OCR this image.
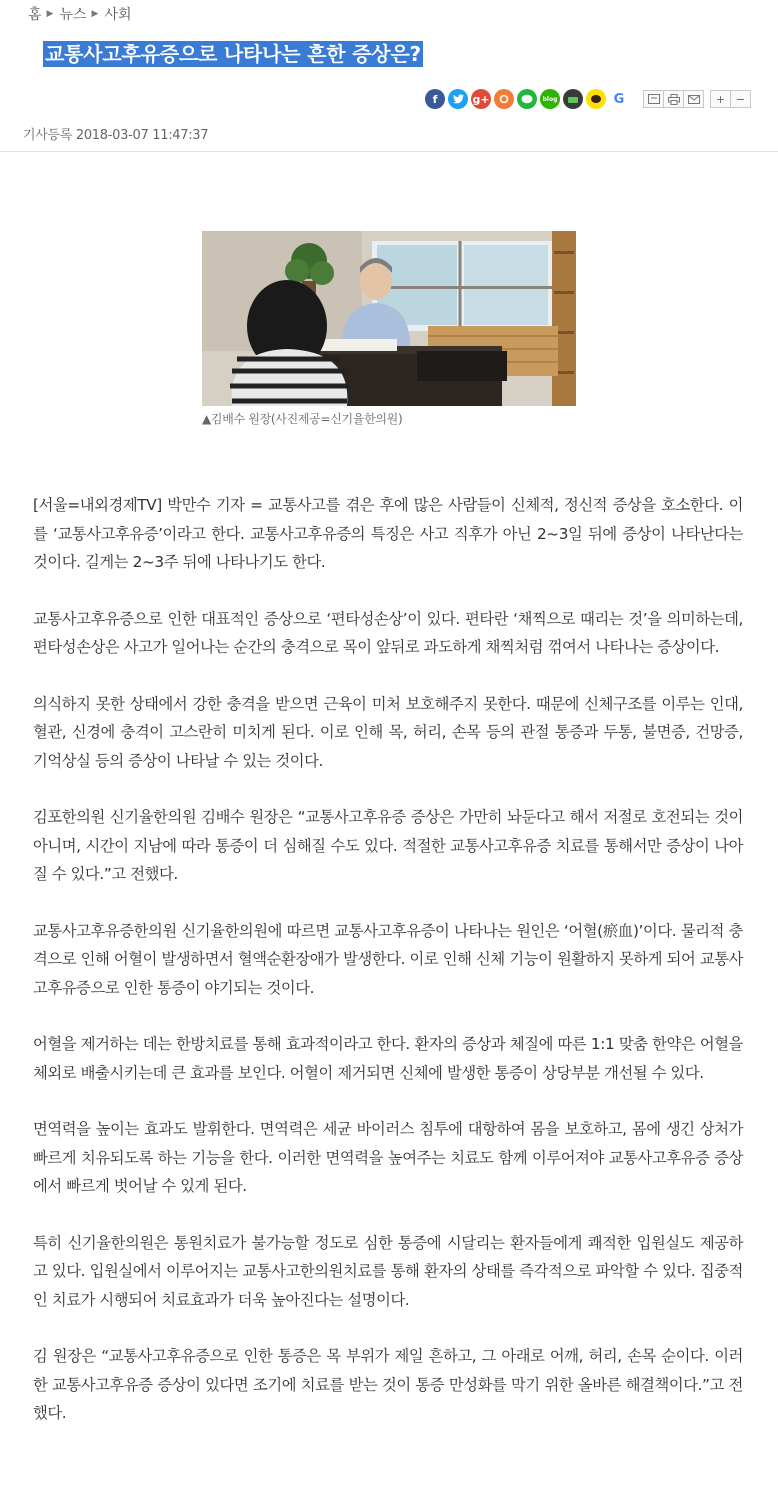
홈 ▶ 뉴스 ▶ 사회
교통사고후유증으로 나타나는 흔한 증상은?
f	g+	blog	G	+ −
기사등록 2018-03-07 11:47:37
▲김배수 원장(사진제공=신기율한의원)

[서울=내외경제TV] 박만수 기자 = 교통사고를 겪은 후에 많은 사람들이 신체적, 정신적 증상을 호소한다. 이를 ‘교통사고후유증’이라고 한다. 교통사고후유증의 특징은 사고 직후가 아닌 2~3일 뒤에 증상이 나타난다는 것이다. 길게는 2~3주 뒤에 나타나기도 한다.

교통사고후유증으로 인한 대표적인 증상으로 ‘편타성손상’이 있다. 편타란 ‘채찍으로 때리는 것’을 의미하는데, 편타성손상은 사고가 일어나는 순간의 충격으로 목이 앞뒤로 과도하게 채찍처럼 꺾여서 나타나는 증상이다.

의식하지 못한 상태에서 강한 충격을 받으면 근육이 미처 보호해주지 못한다. 때문에 신체구조를 이루는 인대, 혈관, 신경에 충격이 고스란히 미치게 된다. 이로 인해 목, 허리, 손목 등의 관절 통증과 두통, 불면증, 건망증, 기억상실 등의 증상이 나타날 수 있는 것이다.

김포한의원 신기율한의원 김배수 원장은 “교통사고후유증 증상은 가만히 놔둔다고 해서 저절로 호전되는 것이 아니며, 시간이 지남에 따라 통증이 더 심해질 수도 있다. 적절한 교통사고후유증 치료를 통해서만 증상이 나아질 수 있다.”고 전했다.

교통사고후유증한의원 신기율한의원에 따르면 교통사고후유증이 나타나는 원인은 ‘어혈(瘀血)’이다. 물리적 충격으로 인해 어혈이 발생하면서 혈액순환장애가 발생한다. 이로 인해 신체 기능이 원활하지 못하게 되어 교통사고후유증으로 인한 통증이 야기되는 것이다.

어혈을 제거하는 데는 한방치료를 통해 효과적이라고 한다. 환자의 증상과 체질에 따른 1:1 맞춤 한약은 어혈을 체외로 배출시키는데 큰 효과를 보인다. 어혈이 제거되면 신체에 발생한 통증이 상당부분 개선될 수 있다.

면역력을 높이는 효과도 발휘한다. 면역력은 세균 바이러스 침투에 대항하여 몸을 보호하고, 몸에 생긴 상처가 빠르게 치유되도록 하는 기능을 한다. 이러한 면역력을 높여주는 치료도 함께 이루어져야 교통사고후유증 증상에서 빠르게 벗어날 수 있게 된다.

특히 신기율한의원은 통원치료가 불가능할 정도로 심한 통증에 시달리는 환자들에게 쾌적한 입원실도 제공하고 있다. 입원실에서 이루어지는 교통사고한의원치료를 통해 환자의 상태를 즉각적으로 파악할 수 있다. 집중적인 치료가 시행되어 치료효과가 더욱 높아진다는 설명이다.

김 원장은 “교통사고후유증으로 인한 통증은 목 부위가 제일 흔하고, 그 아래로 어깨, 허리, 손목 순이다. 이러한 교통사고후유증 증상이 있다면 조기에 치료를 받는 것이 통증 만성화를 막기 위한 올바른 해결책이다.”고 전했다.
